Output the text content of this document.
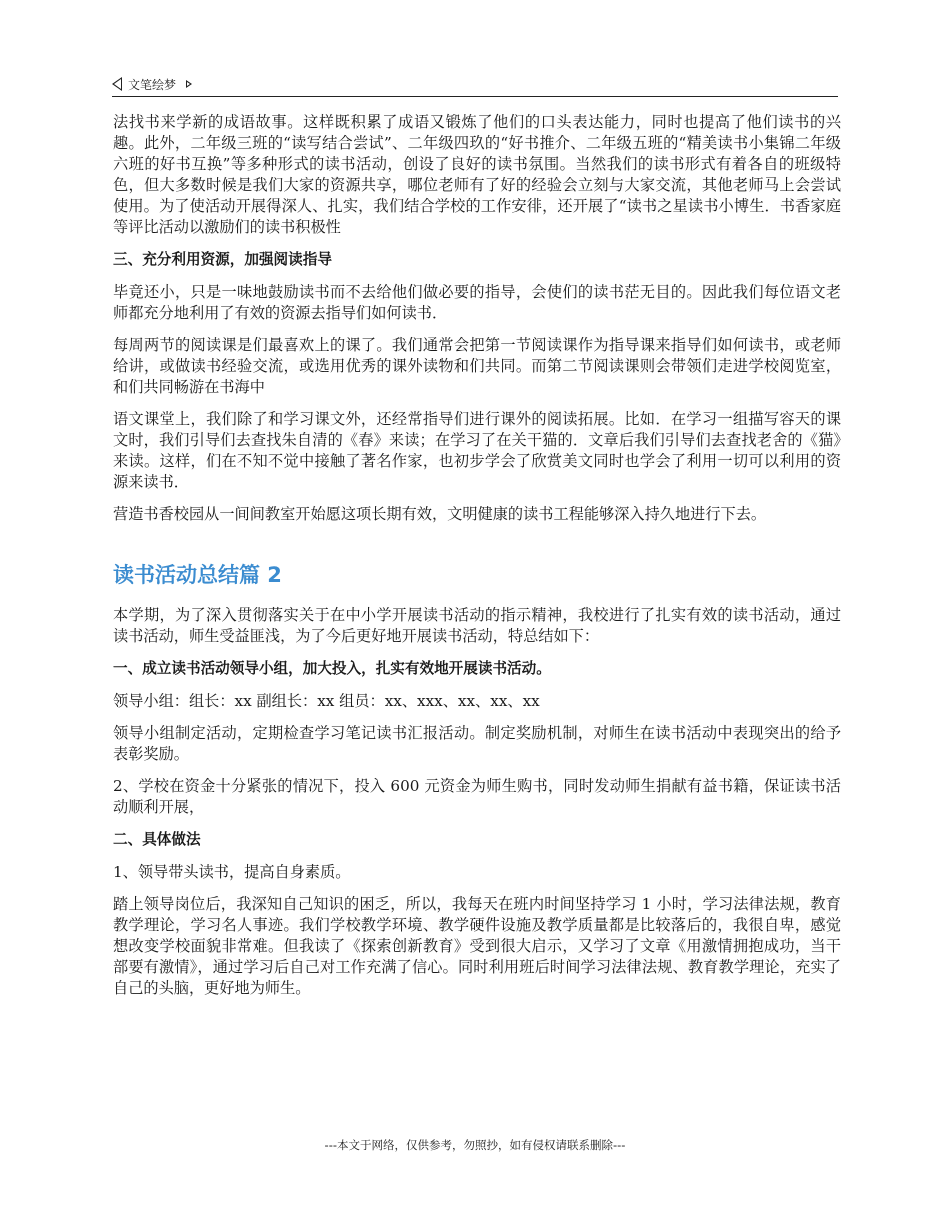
文笔绘梦

法找书来学新的成语故事。这样既积累了成语又锻炼了他们的口头表达能力，同时也提高了他们读书的兴趣。此外，二年级三班的“读写结合尝试”、二年级四玖的“好书推介、二年级五班的“精美读书小集锦二年级六班的好书互换”等多种形式的读书活动，创设了良好的读书氛围。当然我们的读书形式有着各自的班级特色，但大多数时候是我们大家的资源共享，哪位老师有了好的经验会立刻与大家交流，其他老师马上会尝试使用。为了使活动开展得深人、扎实，我们结合学校的工作安徘，还开展了“读书之星读书小博生．书香家庭等评比活动以激励们的读书积极性

三、充分利用资源，加强阅读指导

毕竟还小，只是一味地鼓励读书而不去给他们做必要的指导，会使们的读书茫无目的。因此我们每位语文老师都充分地利用了有效的资源去指导们如何读书．

每周两节的阅读课是们最喜欢上的课了。我们通常会把第一节阅读课作为指导课来指导们如何读书，或老师给讲，或做读书经验交流，或选用优秀的课外读物和们共同。而第二节阅读课则会带领们走进学校阅览室，和们共同畅游在书海中

语文课堂上，我们除了和学习课文外，还经常指导们进行课外的阅读拓展。比如．在学习一组描写容天的课文时，我们引导们去查找朱自清的《春》来读；在学习了在关干猫的．文章后我们引导们去查找老舍的《猫》来读。这样，们在不知不觉中接触了著名作家，也初步学会了欣赏美文同时也学会了利用一切可以利用的资源来读书．

营造书香校园从一间间教室开始愿这项长期有效，文明健康的读书工程能够深入持久地进行下去。

读书活动总结篇 2

本学期，为了深入贯彻落实关于在中小学开展读书活动的指示精神，我校进行了扎实有效的读书活动，通过读书活动，师生受益匪浅，为了今后更好地开展读书活动，特总结如下：

一、成立读书活动领导小组，加大投入，扎实有效地开展读书活动。

领导小组：组长：xx 副组长：xx 组员：xx、xxx、xx、xx、xx

领导小组制定活动，定期检查学习笔记读书汇报活动。制定奖励机制，对师生在读书活动中表现突出的给予表彰奖励。

2、学校在资金十分紧张的情况下，投入 600 元资金为师生购书，同时发动师生捐献有益书籍，保证读书活动顺利开展，

二、具体做法

1、领导带头读书，提高自身素质。

踏上领导岗位后，我深知自己知识的困乏，所以，我每天在班内时间坚持学习 1 小时，学习法律法规，教育教学理论，学习名人事迹。我们学校教学环境、教学硬件设施及教学质量都是比较落后的，我很自卑，感觉想改变学校面貌非常难。但我读了《探索创新教育》受到很大启示，又学习了文章《用激情拥抱成功，当干部要有激情》，通过学习后自己对工作充满了信心。同时利用班后时间学习法律法规、教育教学理论，充实了自己的头脑，更好地为师生。

---本文于网络，仅供参考，勿照抄，如有侵权请联系删除---
